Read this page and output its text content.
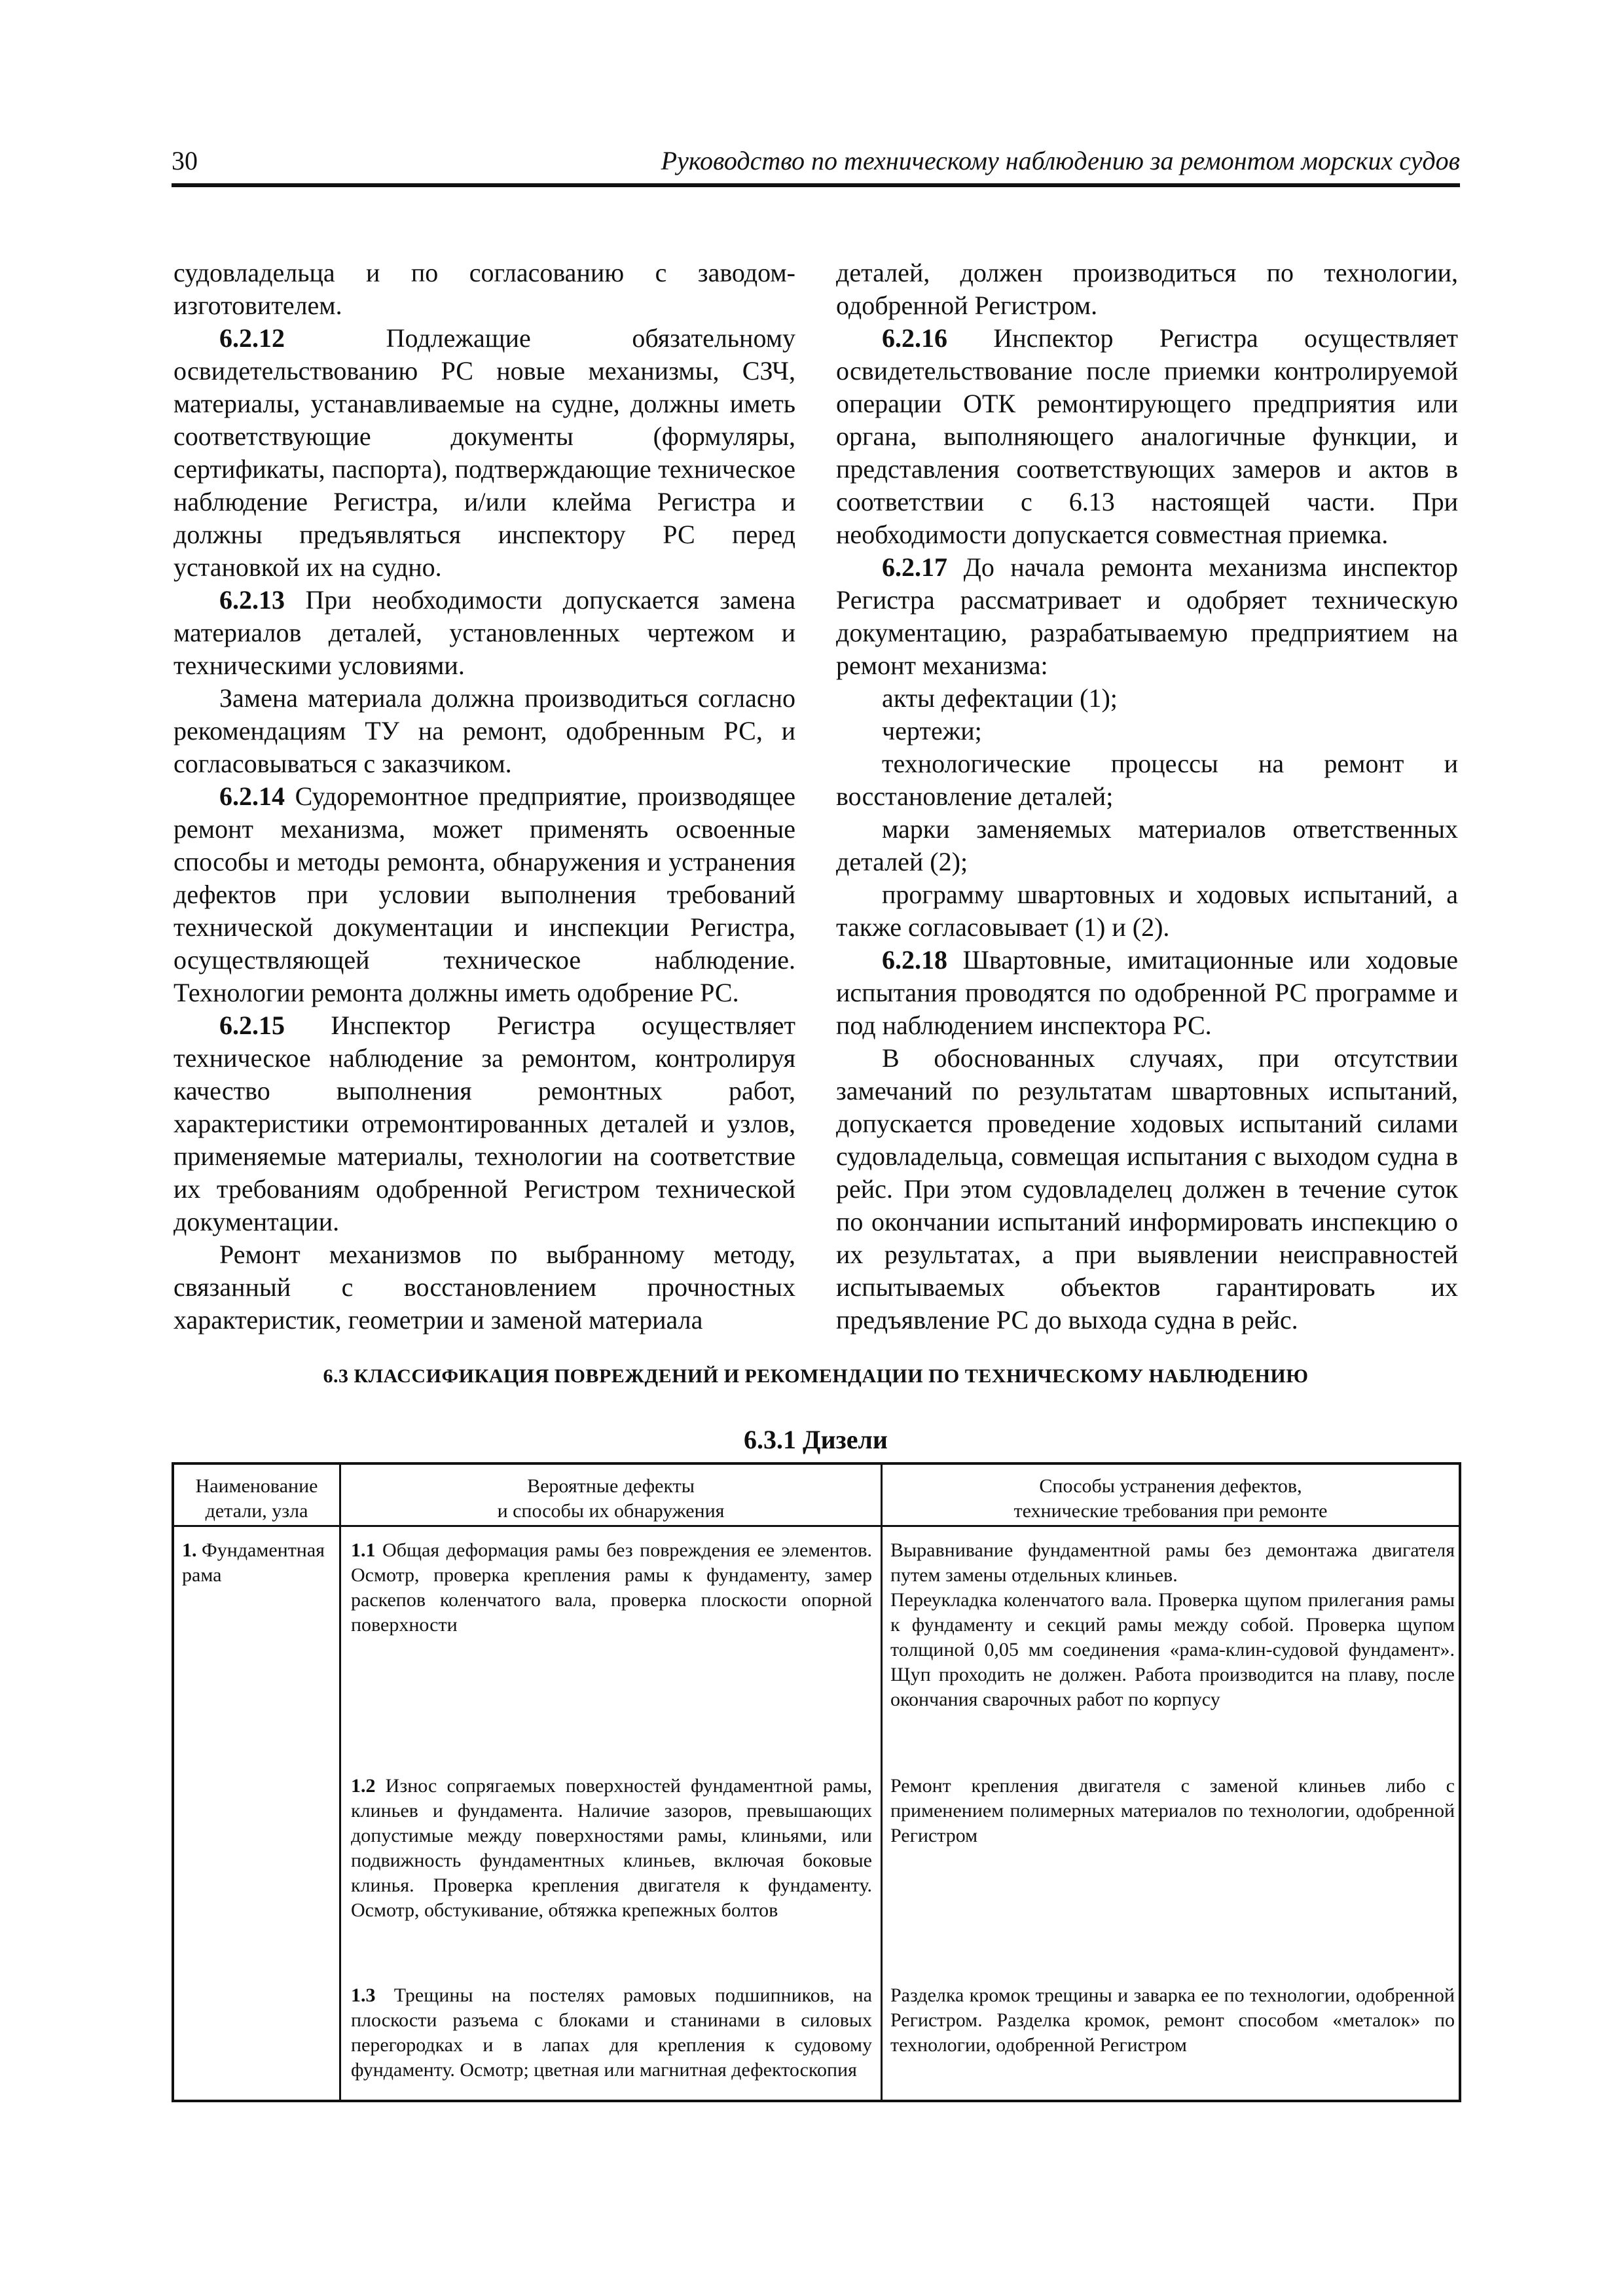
30	Руководство по техническому наблюдению за ремонтом морских судов

судовладельца и по согласованию с заводом-изготовителем.

6.2.12	Подлежащие обязательному освидетельствованию РС новые механизмы, СЗЧ, материалы, устанавливаемые на судне, должны иметь соответствующие документы (формуляры, сертификаты, паспорта), подтверждающие техническое наблюдение Регистра, и/или клейма Регистра и должны предъявляться инспектору РС перед установкой их на судно.

6.2.13 При необходимости допускается замена материалов деталей, установленных чертежом и техническими условиями.

Замена материала должна производиться согласно рекомендациям ТУ на ремонт, одобренным РС, и согласовываться с заказчиком.

6.2.14 Судоремонтное предприятие, производящее ремонт механизма, может применять освоенные способы и методы ремонта, обнаружения и устранения дефектов при условии выполнения требований технической документации и инспекции Регистра, осуществляющей техническое наблюдение. Технологии ремонта должны иметь одобрение РС.

6.2.15 Инспектор Регистра осуществляет техническое наблюдение за ремонтом, контролируя качество выполнения ремонтных работ, характеристики отремонтированных деталей и узлов, применяемые материалы, технологии на соответствие их требованиям одобренной Регистром технической документации.

Ремонт механизмов по выбранному методу, связанный с восстановлением прочностных характеристик, геометрии и заменой материала

деталей, должен производиться по технологии, одобренной Регистром.

6.2.16 Инспектор Регистра осуществляет освидетельствование после приемки контролируемой операции ОТК ремонтирующего предприятия или органа, выполняющего аналогичные функции, и представления соответствующих замеров и актов в соответствии с 6.13 настоящей части. При необходимости допускается совместная приемка.

6.2.17 До начала ремонта механизма инспектор Регистра рассматривает и одобряет техническую документацию, разрабатываемую предприятием на ремонт механизма:

акты дефектации (1);

чертежи;

технологические процессы на ремонт и восстановление деталей;

марки заменяемых материалов ответственных деталей (2);

программу швартовных и ходовых испытаний, а также согласовывает (1) и (2).

6.2.18 Швартовные, имитационные или ходовые испытания проводятся по одобренной РС программе и под наблюдением инспектора РС.

В обоснованных случаях, при отсутствии замечаний по результатам швартовных испытаний, допускается проведение ходовых испытаний силами судовладельца, совмещая испытания с выходом судна в рейс. При этом судовладелец должен в течение суток по окончании испытаний информировать инспекцию о их результатах, а при выявлении неисправностей испытываемых объектов гарантировать их предъявление РС до выхода судна в рейс.

6.3 КЛАССИФИКАЦИЯ ПОВРЕЖДЕНИЙ И РЕКОМЕНДАЦИИ ПО ТЕХНИЧЕСКОМУ НАБЛЮДЕНИЮ
6.3.1 Дизели
Наименование
детали, узла
Вероятные дефекты
и способы их обнаружения
Способы устранения дефектов,
технические требования при ремонте
1. Фундаментная рама
1.1 Общая деформация рамы без повреждения ее элементов. Осмотр, проверка крепления рамы к фундаменту, замер раскепов коленчатого вала, проверка плоскости опорной поверхности
Выравнивание фундаментной рамы без демонтажа двигателя путем замены отдельных клиньев.
Переукладка коленчатого вала. Проверка щупом прилегания рамы к фундаменту и секций рамы между собой. Проверка щупом толщиной 0,05 мм соединения «рама-клин-судовой фундамент». Щуп проходить не должен. Работа производится на плаву, после окончания сварочных работ по корпусу
1.2 Износ сопрягаемых поверхностей фундаментной рамы, клиньев и фундамента. Наличие зазоров, превышающих допустимые между поверхностями рамы, клиньями, или подвижность фундаментных клиньев, включая боковые клинья. Проверка крепления двигателя к фундаменту. Осмотр, обстукивание, обтяжка крепежных болтов
Ремонт крепления двигателя с заменой клиньев либо с применением полимерных материалов по технологии, одобренной Регистром
1.3 Трещины на постелях рамовых подшипников, на плоскости разъема с блоками и станинами в силовых перегородках и в лапах для крепления к судовому фундаменту. Осмотр; цветная или магнитная дефектоскопия
Разделка кромок трещины и заварка ее по технологии, одобренной Регистром. Разделка кромок, ремонт способом «металок» по технологии, одобренной Регистром
